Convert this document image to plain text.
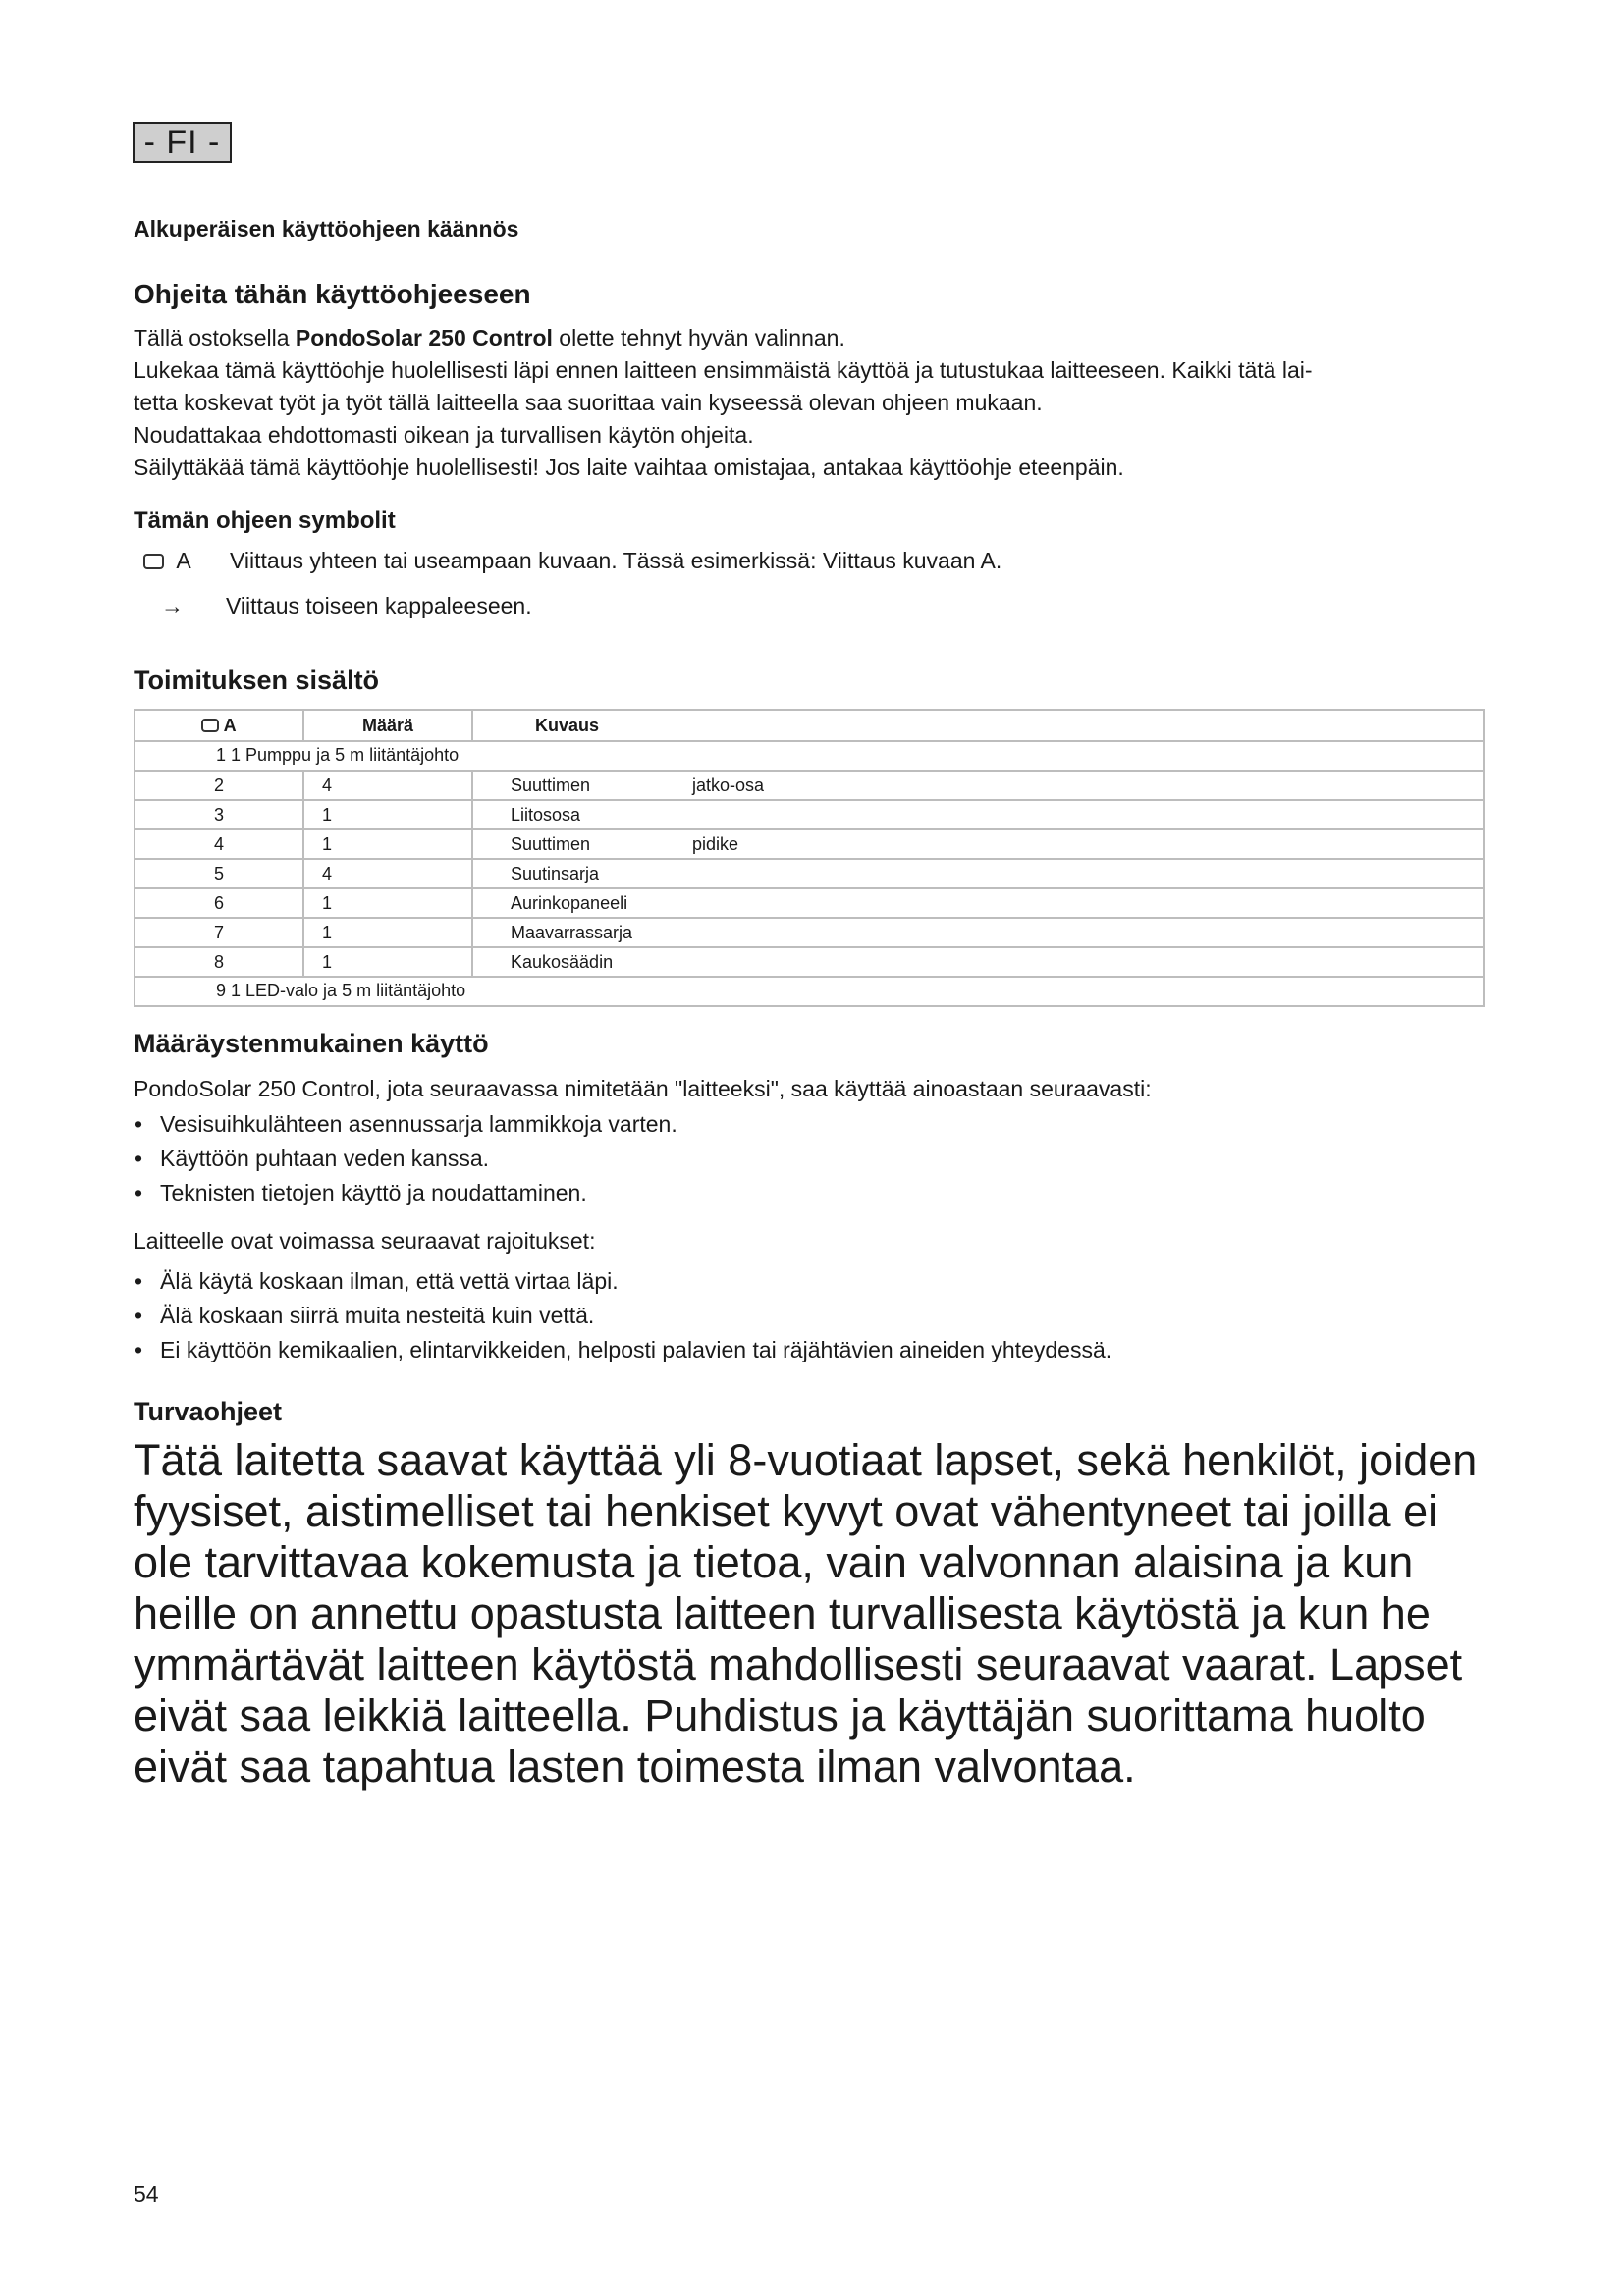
- FI -
Alkuperäisen käyttöohjeen käännös
Ohjeita tähän käyttöohjeeseen

Tällä ostoksella PondoSolar 250 Control olette tehnyt hyvän valinnan.

Lukekaa tämä käyttöohje huolellisesti läpi ennen laitteen ensimmäistä käyttöä ja tutustukaa laitteeseen. Kaikki tätä lai-

tetta koskevat työt ja työt tällä laitteella saa suorittaa vain kyseessä olevan ohjeen mukaan.

Noudattakaa ehdottomasti oikean ja turvallisen käytön ohjeita.

Säilyttäkää tämä käyttöohje huolellisesti! Jos laite vaihtaa omistajaa, antakaa käyttöohje eteenpäin.

Tämän ohjeen symbolit
A Viittaus yhteen tai useampaan kuvaan. Tässä esimerkissä: Viittaus kuvaan A.
→ Viittaus toiseen kappaleeseen.
Toimituksen sisältö
A	Määrä	Kuvaus

1 1 Pumppu ja 5 m liitäntäjohto		

2	4	Suuttimen jatko-osa
3	1	Liitososa
4	1	Suuttimen pidike
5	4	Suutinsarja
6	1	Aurinkopaneeli
7	1	Maavarrassarja
8	1	Kaukosäädin

9 1 LED-valo ja 5 m liitäntäjohto		
Määräystenmukainen käyttö
PondoSolar 250 Control, jota seuraavassa nimitetään "laitteeksi", saa käyttää ainoastaan seuraavasti:
• Vesisuihkulähteen asennussarja lammikkoja varten.
• Käyttöön puhtaan veden kanssa.
• Teknisten tietojen käyttö ja noudattaminen.
Laitteelle ovat voimassa seuraavat rajoitukset:
• Älä käytä koskaan ilman, että vettä virtaa läpi.
• Älä koskaan siirrä muita nesteitä kuin vettä.
• Ei käyttöön kemikaalien, elintarvikkeiden, helposti palavien tai räjähtävien aineiden yhteydessä.
Turvaohjeet
Tätä laitetta saavat käyttää yli 8-vuotiaat lapset, sekä henkilöt, joiden fyysiset, aistimelliset tai henkiset kyvyt ovat vähentyneet tai joilla ei ole tarvittavaa kokemusta ja tietoa, vain valvonnan alaisina ja kun heille on annettu opastusta laitteen turvallisesta käytöstä ja kun he ymmärtävät laitteen käytöstä mahdollisesti seuraavat vaarat. Lapset eivät saa leikkiä laitteella. Puhdistus ja käyttäjän suorittama huolto eivät saa tapahtua lasten toimesta ilman valvontaa.
54
